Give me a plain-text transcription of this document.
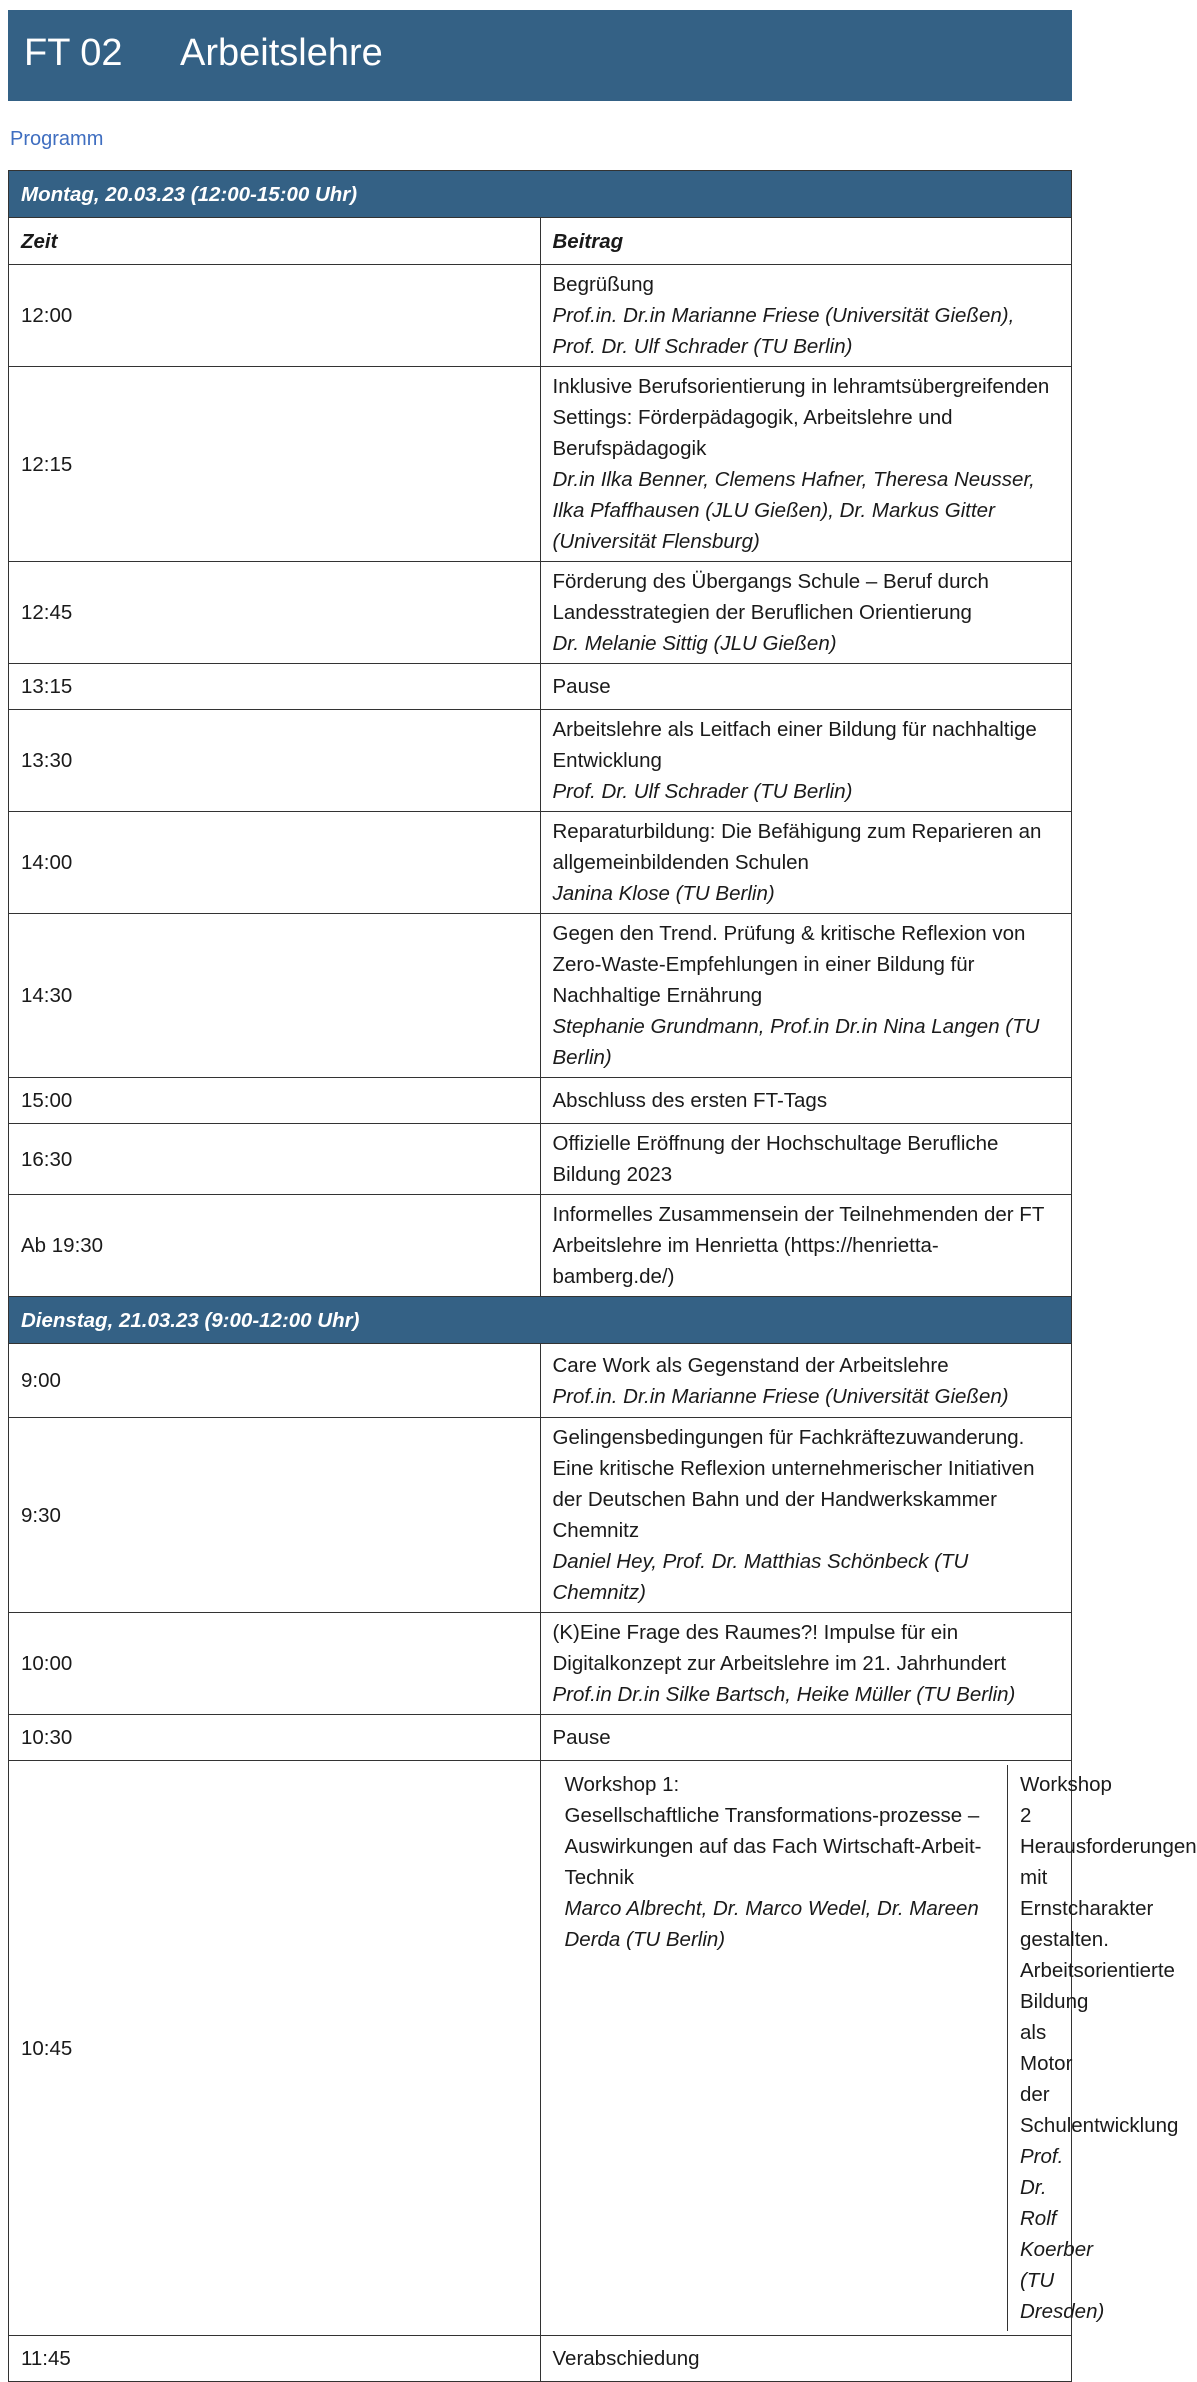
FT 02 Arbeitslehre
Programm
Montag, 20.03.23 (12:00-15:00 Uhr)
Zeit	Beitrag
12:00	
Begrüßung
Prof.in. Dr.in Marianne Friese (Universität Gießen), Prof. Dr. Ulf Schrader (TU Berlin)

12:15	
Inklusive Berufsorientierung in lehramtsübergreifenden Settings: Förderpädagogik, Arbeitslehre und Berufspädagogik
Dr.in Ilka Benner, Clemens Hafner, Theresa Neusser, Ilka Pfaffhausen (JLU Gießen), Dr. Markus Gitter (Universität Flensburg)

12:45	
Förderung des Übergangs Schule – Beruf durch Landesstrategien der Beruflichen Orientierung
Dr. Melanie Sittig (JLU Gießen)

13:15	Pause

13:30	
Arbeitslehre als Leitfach einer Bildung für nachhaltige Entwicklung
Prof. Dr. Ulf Schrader (TU Berlin)

14:00	
Reparaturbildung: Die Befähigung zum Reparieren an allgemeinbildenden Schulen
Janina Klose (TU Berlin)

14:30	
Gegen den Trend. Prüfung & kritische Reflexion von Zero-Waste-Empfehlungen in einer Bildung für Nachhaltige Ernährung
Stephanie Grundmann, Prof.in Dr.in Nina Langen (TU Berlin)

15:00	Abschluss des ersten FT-Tags

16:30	
Offizielle Eröffnung der Hochschultage Berufliche Bildung 2023

Ab 19:30	
Informelles Zusammensein der Teilnehmenden der FT Arbeitslehre im Henrietta (https://henrietta-bamberg.de/)

Dienstag, 21.03.23 (9:00-12:00 Uhr)
9:00	
Care Work als Gegenstand der Arbeitslehre
Prof.in. Dr.in Marianne Friese (Universität Gießen)

9:30	
Gelingensbedingungen für Fachkräftezuwanderung. Eine kritische Reflexion unternehmerischer Initiativen der Deutschen Bahn und der Handwerkskammer Chemnitz
Daniel Hey, Prof. Dr. Matthias Schönbeck (TU Chemnitz)

10:00	
(K)Eine Frage des Raumes?! Impulse für ein Digitalkonzept zur Arbeitslehre im 21. Jahrhundert
Prof.in Dr.in Silke Bartsch, Heike Müller (TU Berlin)

10:30	Pause

10:45	
Workshop 1:
Gesellschaftliche Transformations-prozesse – Auswirkungen auf das Fach Wirtschaft-Arbeit-Technik
Marco Albrecht, Dr. Marco Wedel, Dr. Mareen Derda (TU Berlin)

Workshop 2
Herausforderungen mit Ernstcharakter gestalten. Arbeitsorientierte Bildung als Motor der Schulentwicklung
Prof. Dr. Rolf Koerber (TU Dresden)

11:45	Verabschiedung
